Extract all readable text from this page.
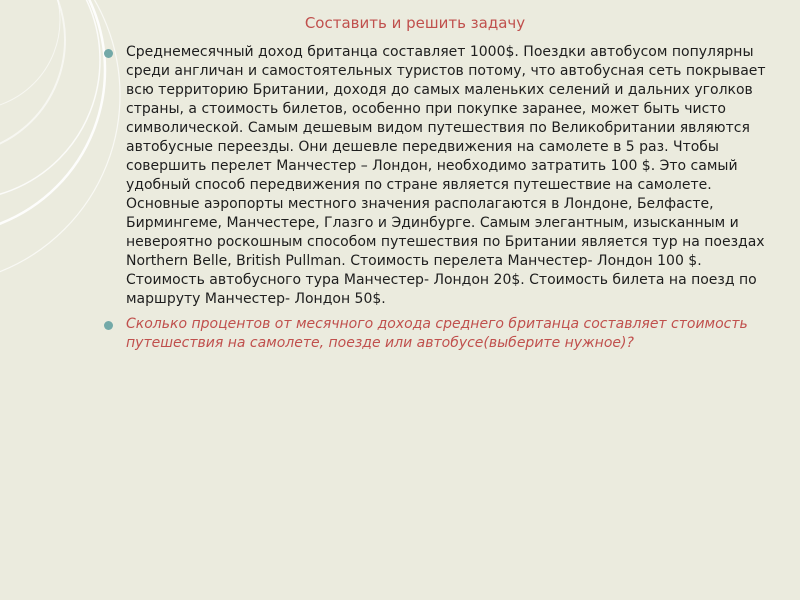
Составить и решить задачу
Среднемесячный доход британца составляет 1000$. Поездки автобусом популярны среди англичан и самостоятельных туристов потому, что автобусная сеть покрывает всю территорию Британии, доходя до самых маленьких селений и дальних уголков страны, а стоимость билетов, особенно при покупке заранее, может быть чисто символической. Самым дешевым видом путешествия по Великобритании являются автобусные переезды. Они дешевле передвижения на самолете в 5 раз. Чтобы совершить перелет Манчестер – Лондон, необходимо затратить 100 $. Это самый удобный способ передвижения по стране является путешествие на самолете. Основные аэропорты местного значения располагаются в Лондоне, Белфасте, Бирмингеме, Манчестере, Глазго и Эдинбурге. Самым элегантным, изысканным и невероятно роскошным способом путешествия по Британии является тур на поездах Northern Belle, British Pullman. Стоимость перелета Манчестер- Лондон 100 $. Стоимость автобусного тура Манчестер- Лондон 20$. Стоимость билета на поезд по маршруту Манчестер- Лондон 50$.
Сколько процентов от месячного дохода среднего британца составляет стоимость путешествия на самолете, поезде или автобусе(выберите нужное)?
